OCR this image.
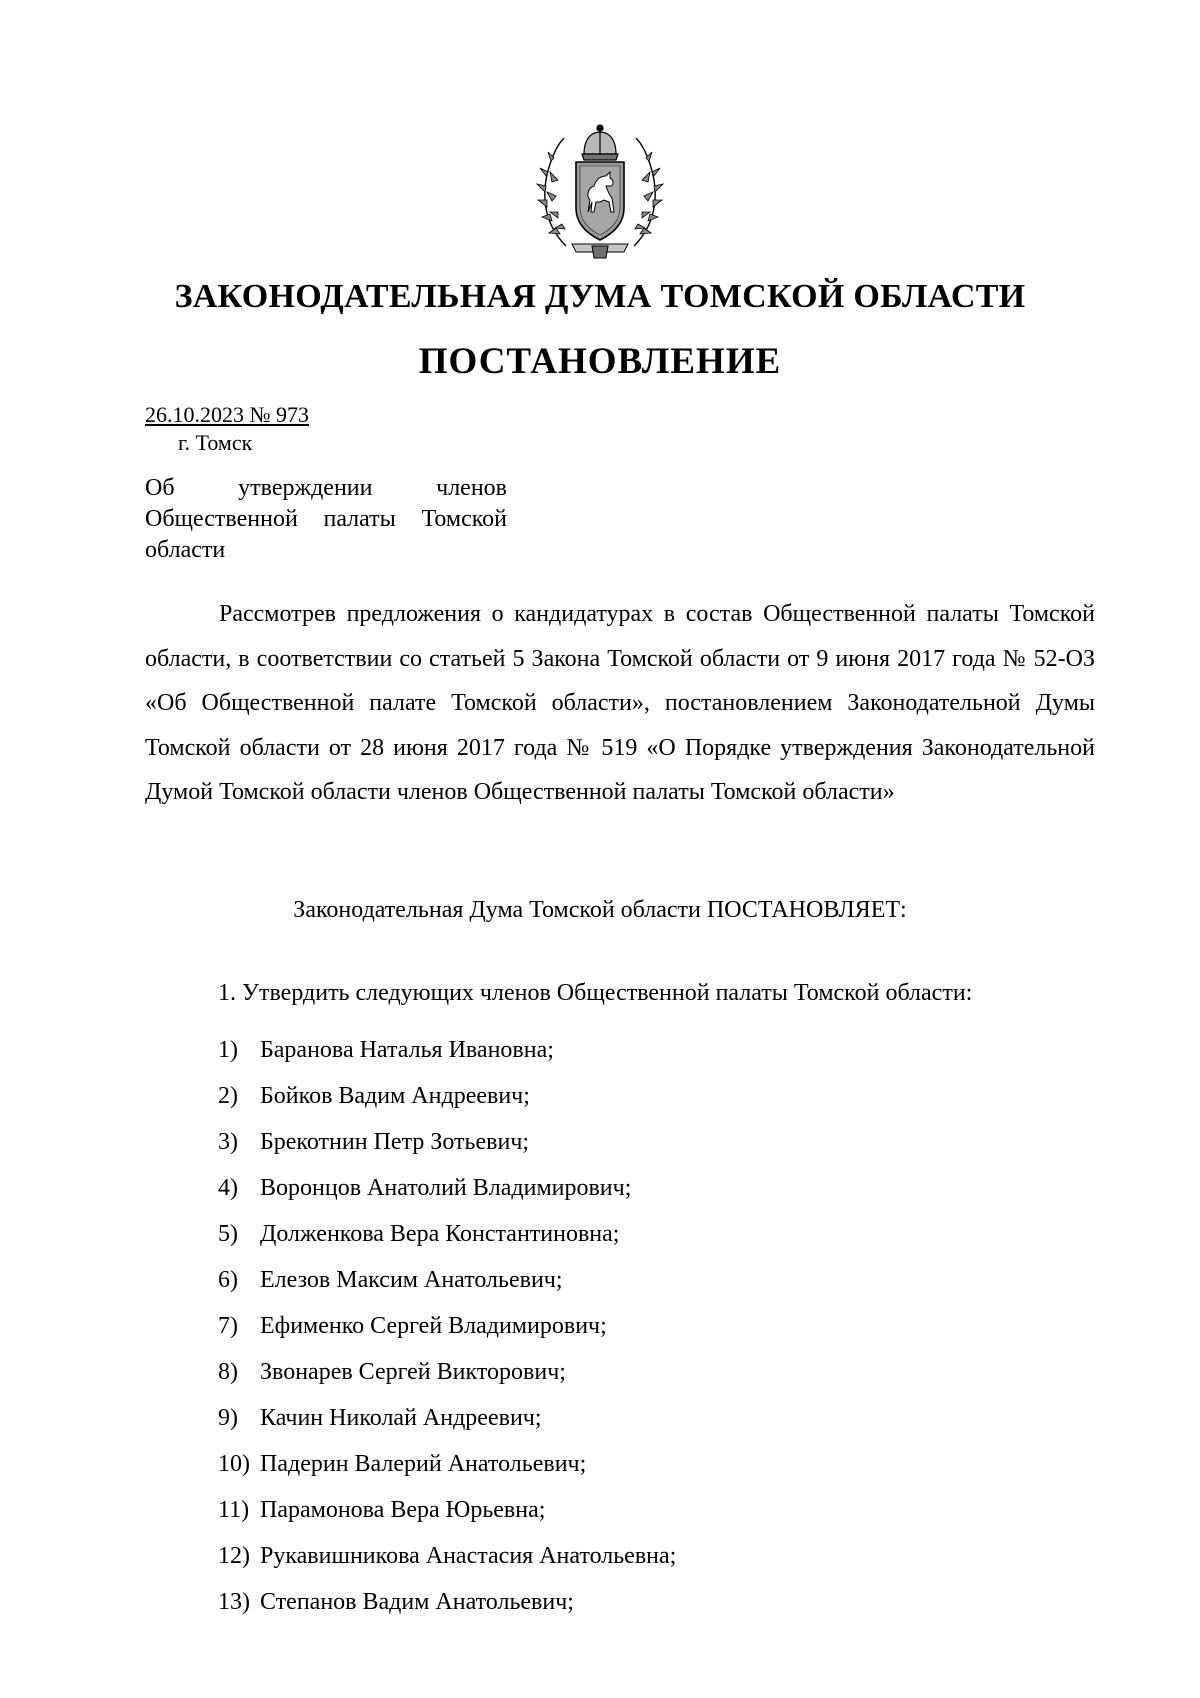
ЗАКОНОДАТЕЛЬНАЯ ДУМА ТОМСКОЙ ОБЛАСТИ
ПОСТАНОВЛЕНИЕ
26.10.2023 № 973
г. Томск
Об утверждении членов
Общественной палаты Томской области
Рассмотрев предложения о кандидатурах в состав Общественной палаты Томской области, в соответствии со статьей 5 Закона Томской области от 9 июня 2017 года № 52-ОЗ «Об Общественной палате Томской области», постановлением Законодательной Думы Томской области от 28 июня 2017 года № 519 «О Порядке утверждения Законодательной Думой Томской области членов Общественной палаты Томской области»
Законодательная Дума Томской области ПОСТАНОВЛЯЕТ:
1. Утвердить следующих членов Общественной палаты Томской области:
1) Баранова Наталья Ивановна;
2) Бойков Вадим Андреевич;
3) Брекотнин Петр Зотьевич;
4) Воронцов Анатолий Владимирович;
5) Долженкова Вера Константиновна;
6) Елезов Максим Анатольевич;
7) Ефименко Сергей Владимирович;
8) Звонарев Сергей Викторович;
9) Качин Николай Андреевич;
10) Падерин Валерий Анатольевич;
11) Парамонова Вера Юрьевна;
12) Рукавишникова Анастасия Анатольевна;
13) Степанов Вадим Анатольевич;
